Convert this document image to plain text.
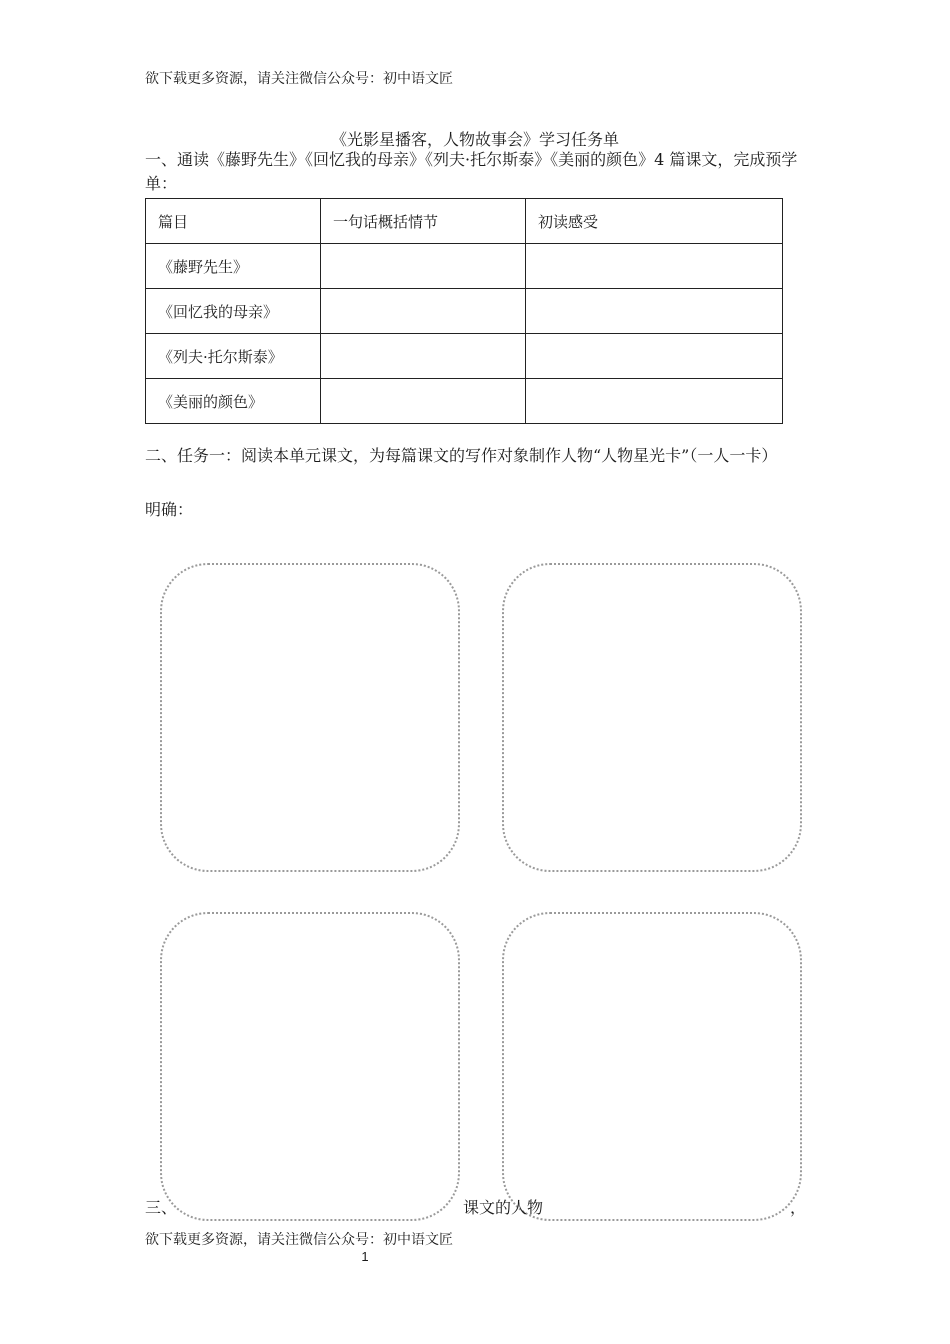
欲下载更多资源，请关注微信公众号：初中语文匠
《光影星播客，人物故事会》学习任务单
一、通读《藤野先生》《回忆我的母亲》《列夫·托尔斯泰》《美丽的颜色》4 篇课文，完成预学单：
篇目	一句话概括情节	初读感受
《藤野先生》		
《回忆我的母亲》		
《列夫·托尔斯泰》		
《美丽的颜色》		
二、任务一：阅读本单元课文，为每篇课文的写作对象制作人物“人物星光卡”（一人一卡）
明确：
三、	课文的人物	，
欲下载更多资源，请关注微信公众号：初中语文匠
1
